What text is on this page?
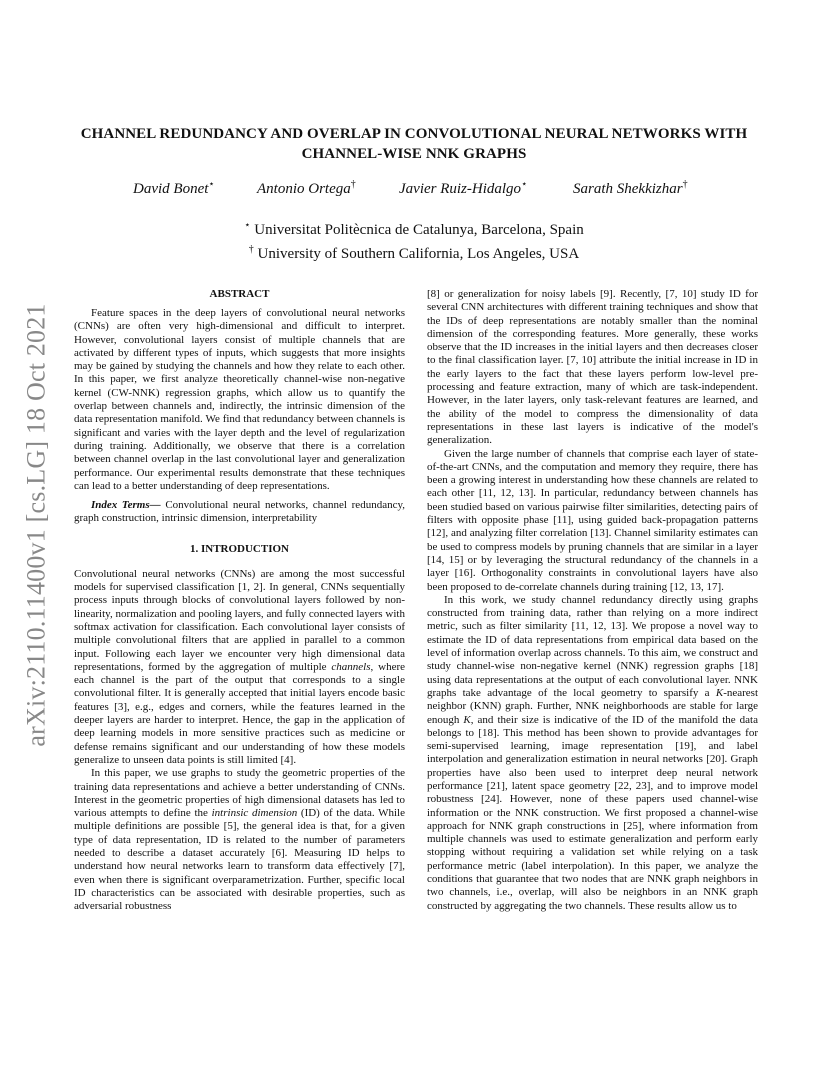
arXiv:2110.11400v1 [cs.LG] 18 Oct 2021
CHANNEL REDUNDANCY AND OVERLAP IN CONVOLUTIONAL NEURAL NETWORKS WITH CHANNEL-WISE NNK GRAPHS
David Bonet⋆	Antonio Ortega†	Javier Ruiz-Hidalgo⋆	Sarath Shekkizhar†
⋆ Universitat Politècnica de Catalunya, Barcelona, Spain
† University of Southern California, Los Angeles, USA
ABSTRACT

Feature spaces in the deep layers of convolutional neural networks (CNNs) are often very high-dimensional and difficult to interpret. However, convolutional layers consist of multiple channels that are activated by different types of inputs, which suggests that more insights may be gained by studying the channels and how they relate to each other. In this paper, we first analyze theoretically channel-wise non-negative kernel (CW-NNK) regression graphs, which allow us to quantify the overlap between channels and, indirectly, the intrinsic dimension of the data representation manifold. We find that redundancy between channels is significant and varies with the layer depth and the level of regularization during training. Additionally, we observe that there is a correlation between channel overlap in the last convolutional layer and generalization performance. Our experimental results demonstrate that these techniques can lead to a better understanding of deep representations.

Index Terms— Convolutional neural networks, channel redundancy, graph construction, intrinsic dimension, interpretability

1. INTRODUCTION

Convolutional neural networks (CNNs) are among the most successful models for supervised classification [1, 2]. In general, CNNs sequentially process inputs through blocks of convolutional layers followed by non-linearity, normalization and pooling layers, and fully connected layers with softmax activation for classification. Each convolutional layer consists of multiple convolutional filters that are applied in parallel to a common input. Following each layer we encounter very high dimensional data representations, formed by the aggregation of multiple channels, where each channel is the part of the output that corresponds to a single convolutional filter. It is generally accepted that initial layers encode basic features [3], e.g., edges and corners, while the features learned in the deeper layers are harder to interpret. Hence, the gap in the application of deep learning models in more sensitive practices such as medicine or defense remains significant and our understanding of how these models generalize to unseen data points is still limited [4].

In this paper, we use graphs to study the geometric properties of the training data representations and achieve a better understanding of CNNs. Interest in the geometric properties of high dimensional datasets has led to various attempts to define the intrinsic dimension (ID) of the data. While multiple definitions are possible [5], the general idea is that, for a given type of data representation, ID is related to the number of parameters needed to describe a dataset accurately [6]. Measuring ID helps to understand how neural networks learn to transform data effectively [7], even when there is significant overparametrization. Further, specific local ID characteristics can be associated with desirable properties, such as adversarial robustness

[8] or generalization for noisy labels [9]. Recently, [7, 10] study ID for several CNN architectures with different training techniques and show that the IDs of deep representations are notably smaller than the nominal dimension of the corresponding features. More generally, these works observe that the ID increases in the initial layers and then decreases closer to the final classification layer. [7, 10] attribute the initial increase in ID in the early layers to the fact that these layers perform low-level pre-processing and feature extraction, many of which are task-independent. However, in the later layers, only task-relevant features are learned, and the ability of the model to compress the dimensionality of data representations in these last layers is indicative of the model's generalization.

Given the large number of channels that comprise each layer of state-of-the-art CNNs, and the computation and memory they require, there has been a growing interest in understanding how these channels are related to each other [11, 12, 13]. In particular, redundancy between channels has been studied based on various pairwise filter similarities, detecting pairs of filters with opposite phase [11], using guided back-propagation patterns [12], and analyzing filter correlation [13]. Channel similarity estimates can be used to compress models by pruning channels that are similar in a layer [14, 15] or by leveraging the structural redundancy of the channels in a layer [16]. Orthogonality constraints in convolutional layers have also been proposed to de-correlate channels during training [12, 13, 17].

In this work, we study channel redundancy directly using graphs constructed from training data, rather than relying on a more indirect metric, such as filter similarity [11, 12, 13]. We propose a novel way to estimate the ID of data representations from empirical data based on the level of information overlap across channels. To this aim, we construct and study channel-wise non-negative kernel (NNK) regression graphs [18] using data representations at the output of each convolutional layer. NNK graphs take advantage of the local geometry to sparsify a K-nearest neighbor (KNN) graph. Further, NNK neighborhoods are stable for large enough K, and their size is indicative of the ID of the manifold the data belongs to [18]. This method has been shown to provide advantages for semi-supervised learning, image representation [19], and label interpolation and generalization estimation in neural networks [20]. Graph properties have also been used to interpret deep neural network performance [21], latent space geometry [22, 23], and to improve model robustness [24]. However, none of these papers used channel-wise information or the NNK construction. We first proposed a channel-wise approach for NNK graph constructions in [25], where information from multiple channels was used to estimate generalization and perform early stopping without requiring a validation set while relying on a task performance metric (label interpolation). In this paper, we analyze the conditions that guarantee that two nodes that are NNK graph neighbors in two channels, i.e., overlap, will also be neighbors in an NNK graph constructed by aggregating the two channels. These results allow us to
